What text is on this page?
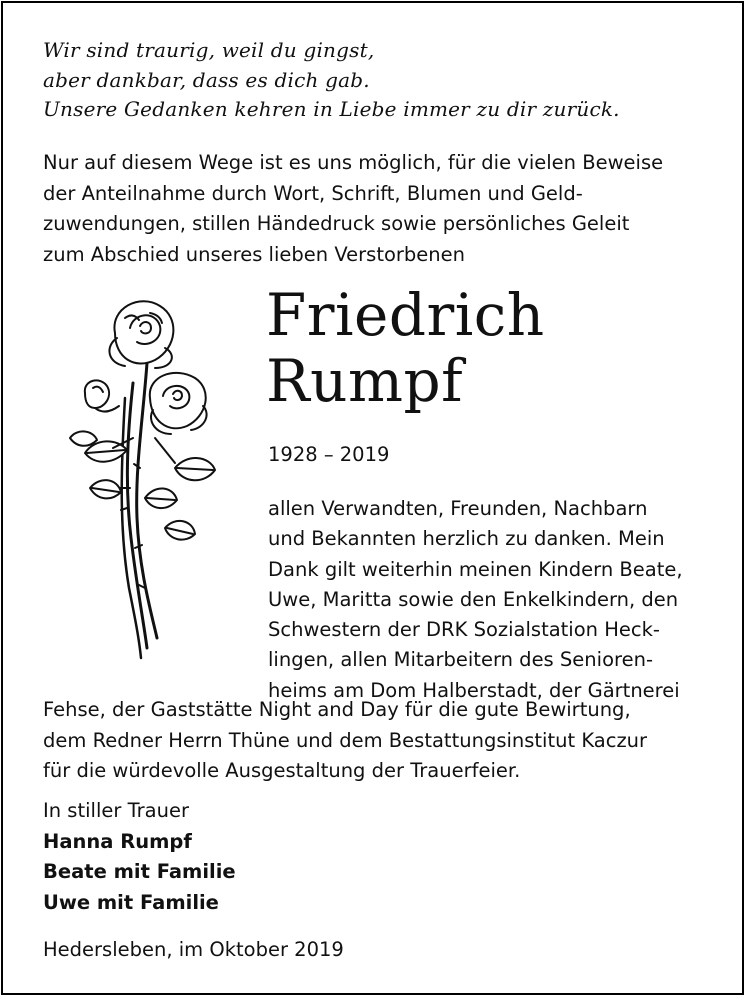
Wir sind traurig, weil du gingst,
aber dankbar, dass es dich gab.
Unsere Gedanken kehren in Liebe immer zu dir zurück.
Nur auf diesem Wege ist es uns möglich, für die vielen Beweise
der Anteilnahme durch Wort, Schrift, Blumen und Geld-
zuwendungen, stillen Händedruck sowie persönliches Geleit
zum Abschied unseres lieben Verstorbenen
Friedrich
Rumpf
1928 – 2019
allen Verwandten, Freunden, Nachbarn
und Bekannten herzlich zu danken. Mein
Dank gilt weiterhin meinen Kindern Beate,
Uwe, Maritta sowie den Enkelkindern, den
Schwestern der DRK Sozialstation Heck-
lingen, allen Mitarbeitern des Senioren-
heims am Dom Halberstadt, der Gärtnerei
Fehse, der Gaststätte Night and Day für die gute Bewirtung,
dem Redner Herrn Thüne und dem Bestattungsinstitut Kaczur
für die würdevolle Ausgestaltung der Trauerfeier.
In stiller Trauer
Hanna Rumpf
Beate mit Familie
Uwe mit Familie
Hedersleben, im Oktober 2019
